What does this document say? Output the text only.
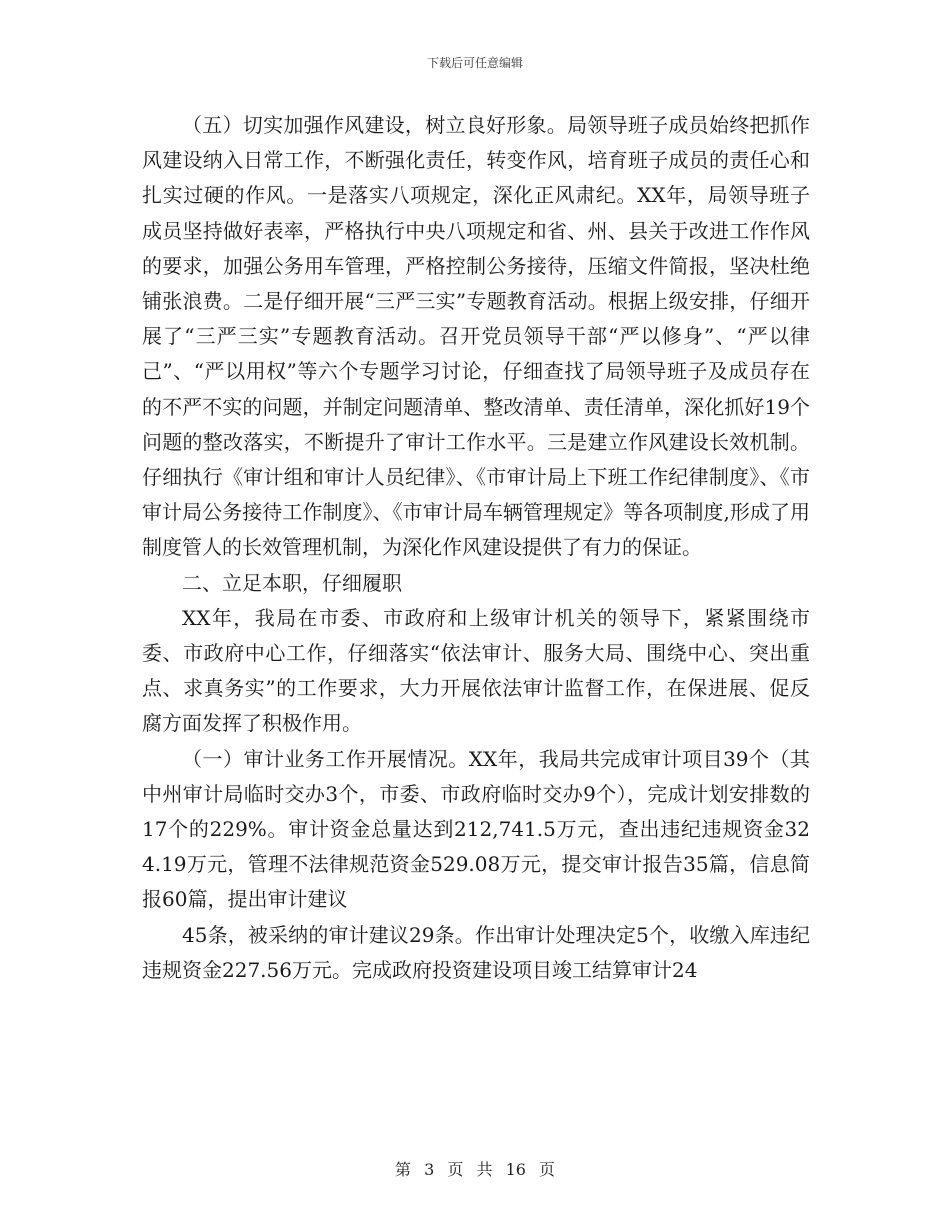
下载后可任意编辑

（五）切实加强作风建设，树立良好形象。局领导班子成员始终把抓作风建设纳入日常工作，不断强化责任，转变作风，培育班子成员的责任心和扎实过硬的作风。一是落实八项规定，深化正风肃纪。XX年，局领导班子成员坚持做好表率，严格执行中央八项规定和省、州、县关于改进工作作风的要求，加强公务用车管理，严格控制公务接待，压缩文件简报，坚决杜绝铺张浪费。二是仔细开展“三严三实”专题教育活动。根据上级安排，仔细开展了“三严三实”专题教育活动。召开党员领导干部“严以修身”、“严以律己”、“严以用权”等六个专题学习讨论，仔细查找了局领导班子及成员存在的不严不实的问题，并制定问题清单、整改清单、责任清单，深化抓好19个问题的整改落实，不断提升了审计工作水平。三是建立作风建设长效机制。仔细执行《审计组和审计人员纪律》、《市审计局上下班工作纪律制度》、《市审计局公务接待工作制度》、《市审计局车辆管理规定》等各项制度,形成了用制度管人的长效管理机制，为深化作风建设提供了有力的保证。

二、立足本职，仔细履职

XX年，我局在市委、市政府和上级审计机关的领导下，紧紧围绕市委、市政府中心工作，仔细落实“依法审计、服务大局、围绕中心、突出重点、求真务实”的工作要求，大力开展依法审计监督工作，在保进展、促反腐方面发挥了积极作用。

（一）审计业务工作开展情况。XX年，我局共完成审计项目39个（其中州审计局临时交办3个，市委、市政府临时交办9个），完成计划安排数的17个的229%。审计资金总量达到212,741.5万元，查出违纪违规资金324.19万元，管理不法律规范资金529.08万元，提交审计报告35篇，信息简报60篇，提出审计建议

45条，被采纳的审计建议29条。作出审计处理决定5个，收缴入库违纪违规资金227.56万元。完成政府投资建设项目竣工结算审计24

第 3 页 共 16 页
